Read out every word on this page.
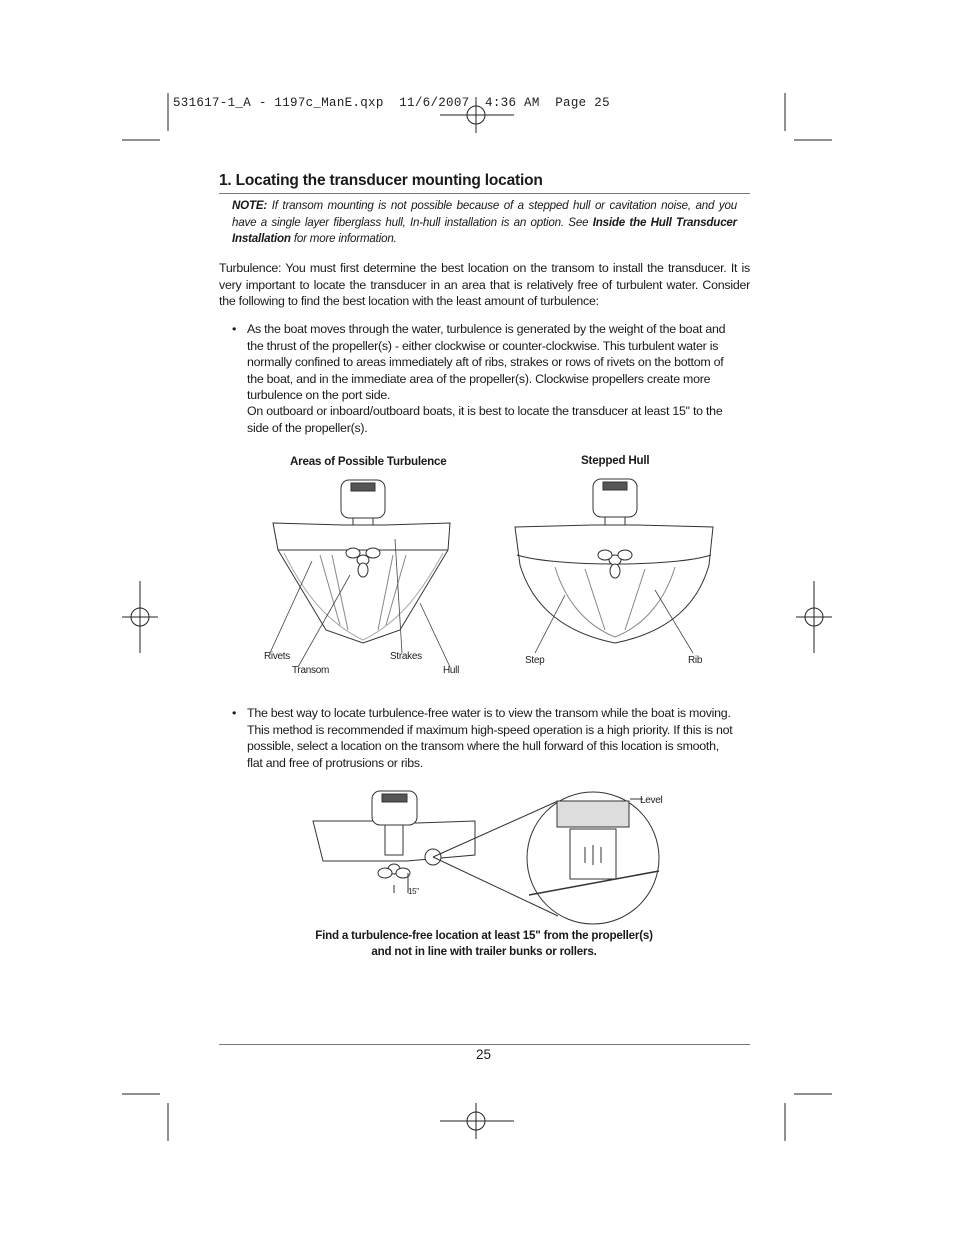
531617-1_A - 1197c_ManE.qxp  11/6/2007  4:36 AM  Page 25
1. Locating the transducer mounting location
NOTE: If transom mounting is not possible because of a stepped hull or cavitation noise, and you have a single layer fiberglass hull, In-hull installation is an option. See Inside the Hull Transducer Installation for more information.
Turbulence: You must first determine the best location on the transom to install the transducer. It is very important to locate the transducer in an area that is relatively free of turbulent water. Consider the following to find the best location with the least amount of turbulence:
• As the boat moves through the water, turbulence is generated by the weight of the boat and the thrust of the propeller(s) - either clockwise or counter-clockwise. This turbulent water is normally confined to areas immediately aft of ribs, strakes or rows of rivets on the bottom of the boat, and in the immediate area of the propeller(s). Clockwise propellers create more turbulence on the port side.
On outboard or inboard/outboard boats, it is best to locate the transducer at least 15" to the side of the propeller(s).
Areas of Possible Turbulence
Rivets
Transom
Strakes
Hull
Stepped Hull
Step	Rib
• The best way to locate turbulence-free water is to view the transom while the boat is moving. This method is recommended if maximum high-speed operation is a high priority. If this is not possible, select a location on the transom where the hull forward of this location is smooth, flat and free of protrusions or ribs.
Level
15"
Find a turbulence-free location at least 15" from the propeller(s)
and not in line with trailer bunks or rollers.
25
